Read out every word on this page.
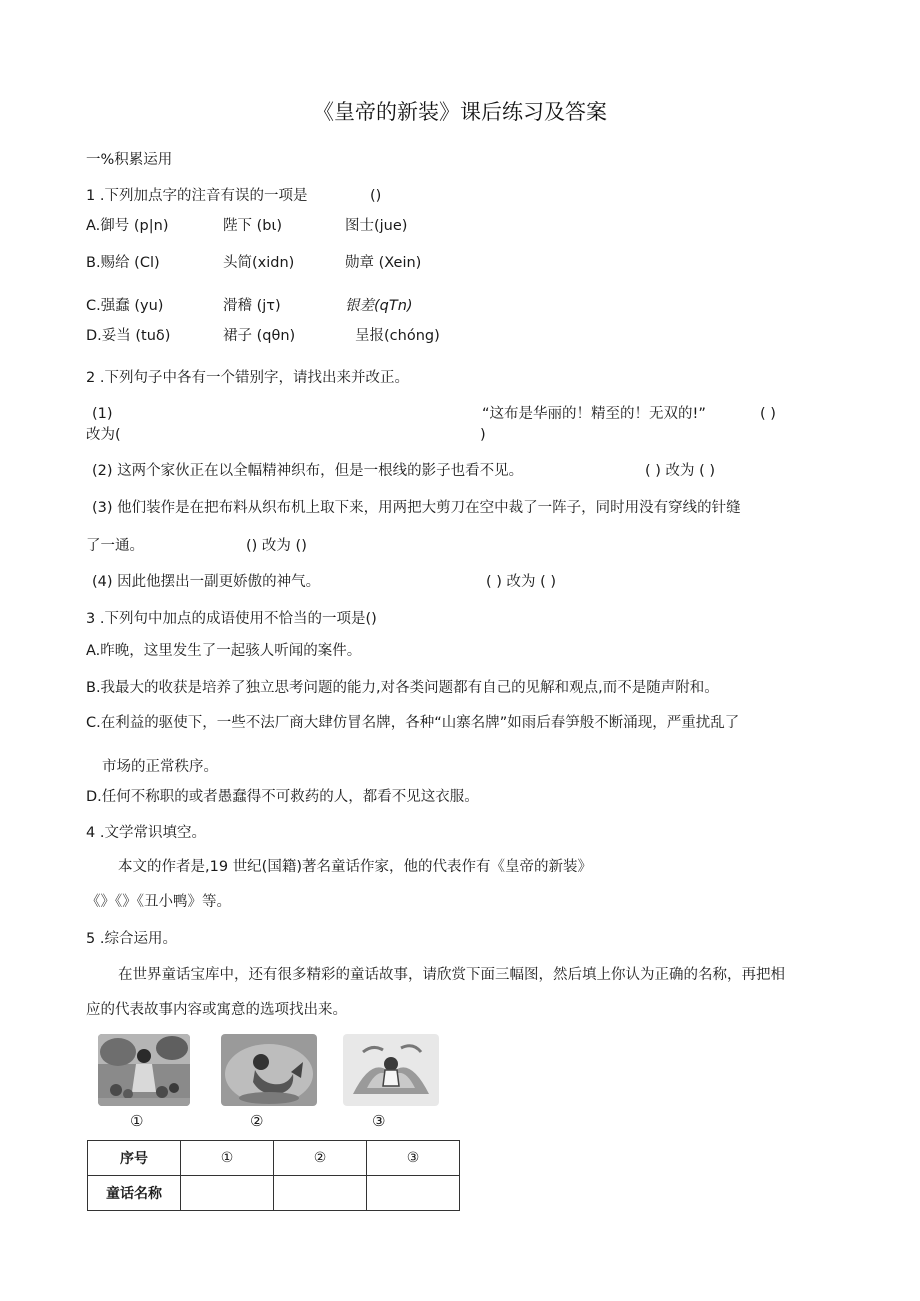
《皇帝的新装》课后练习及答案
一%积累运用
1 .下列加点字的注音有误的一项是	()
A.御号 (p|n)	陛下 (bι)	图士(jue)
B.赐给 (Cl)	头简(xidn)	勋章 (Xein)
C.强蠢 (yu)	滑稽 (jτ)	银差(qTn)
D.妥当 (tuδ)	裙子 (qθn)	呈报(chόng)
2 .下列句子中各有一个错别字，请找出来并改正。
(1)	“这布是华丽的！精至的！无双的!”	( )
改为(	)
(2) 这两个家伙正在以全幅精神织布，但是一根线的影子也看不见。	( ) 改为 ( )
(3) 他们装作是在把布料从织布机上取下来，用两把大剪刀在空中裁了一阵子，同时用没有穿线的针缝
了一通。	() 改为 ()
(4) 因此他摆出一副更娇傲的神气。	( ) 改为 ( )
3 .下列句中加点的成语使用不恰当的一项是()
A.昨晚，这里发生了一起骇人听闻的案件。
B.我最大的收获是培养了独立思考问题的能力,对各类问题都有自己的见解和观点,而不是随声附和。
C.在利益的驱使下，一些不法厂商大肆仿冒名牌，各种“山寨名牌”如雨后春笋般不断涌现，严重扰乱了
市场的正常秩序。
D.任何不称职的或者愚蠢得不可救药的人，都看不见这衣服。
4 .文学常识填空。
本文的作者是,19 世纪(国籍)著名童话作家，他的代表作有《皇帝的新装》
《》《》《丑小鸭》等。
5 .综合运用。
在世界童话宝库中，还有很多精彩的童话故事，请欣赏下面三幅图，然后填上你认为正确的名称，再把相
应的代表故事内容或寓意的选项找出来。
①	②	③
序号	①	②	③
童话名称			
